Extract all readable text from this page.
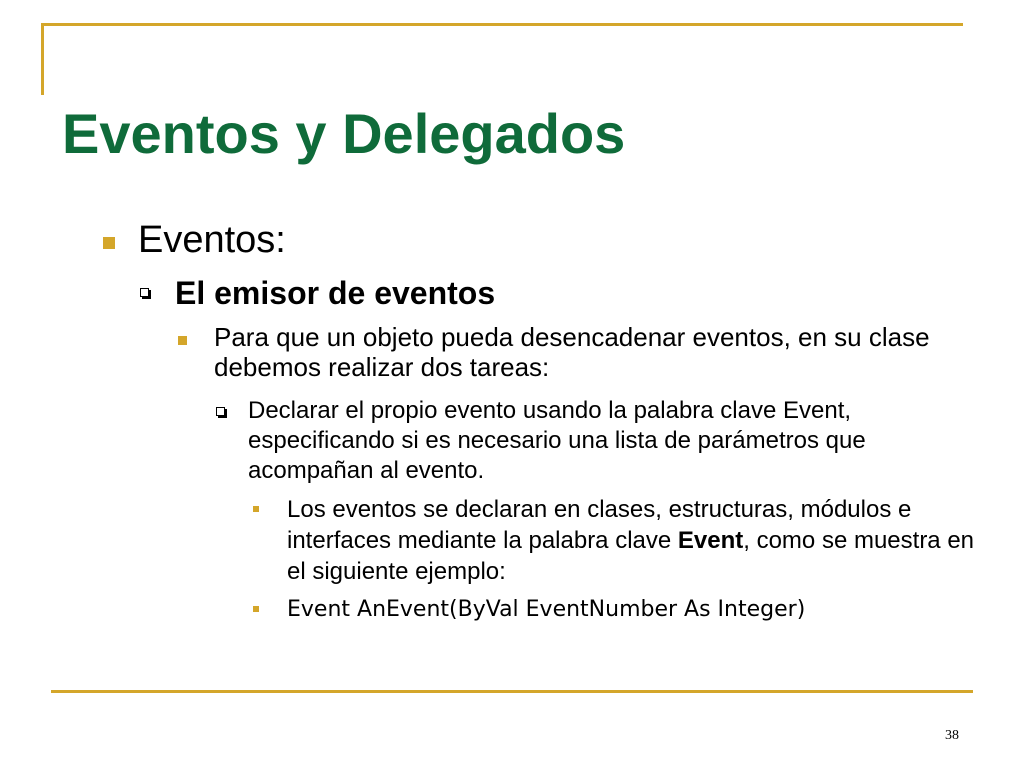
Eventos y Delegados

Eventos:

El emisor de eventos

Para que un objeto pueda desencadenar eventos, en su clase debemos realizar dos tareas:

Declarar el propio evento usando la palabra clave Event, especificando si es necesario una lista de parámetros que acompañan al evento.

Los eventos se declaran en clases, estructuras, módulos e interfaces mediante la palabra clave Event, como se muestra en el siguiente ejemplo:

Event AnEvent(ByVal EventNumber As Integer)

38
